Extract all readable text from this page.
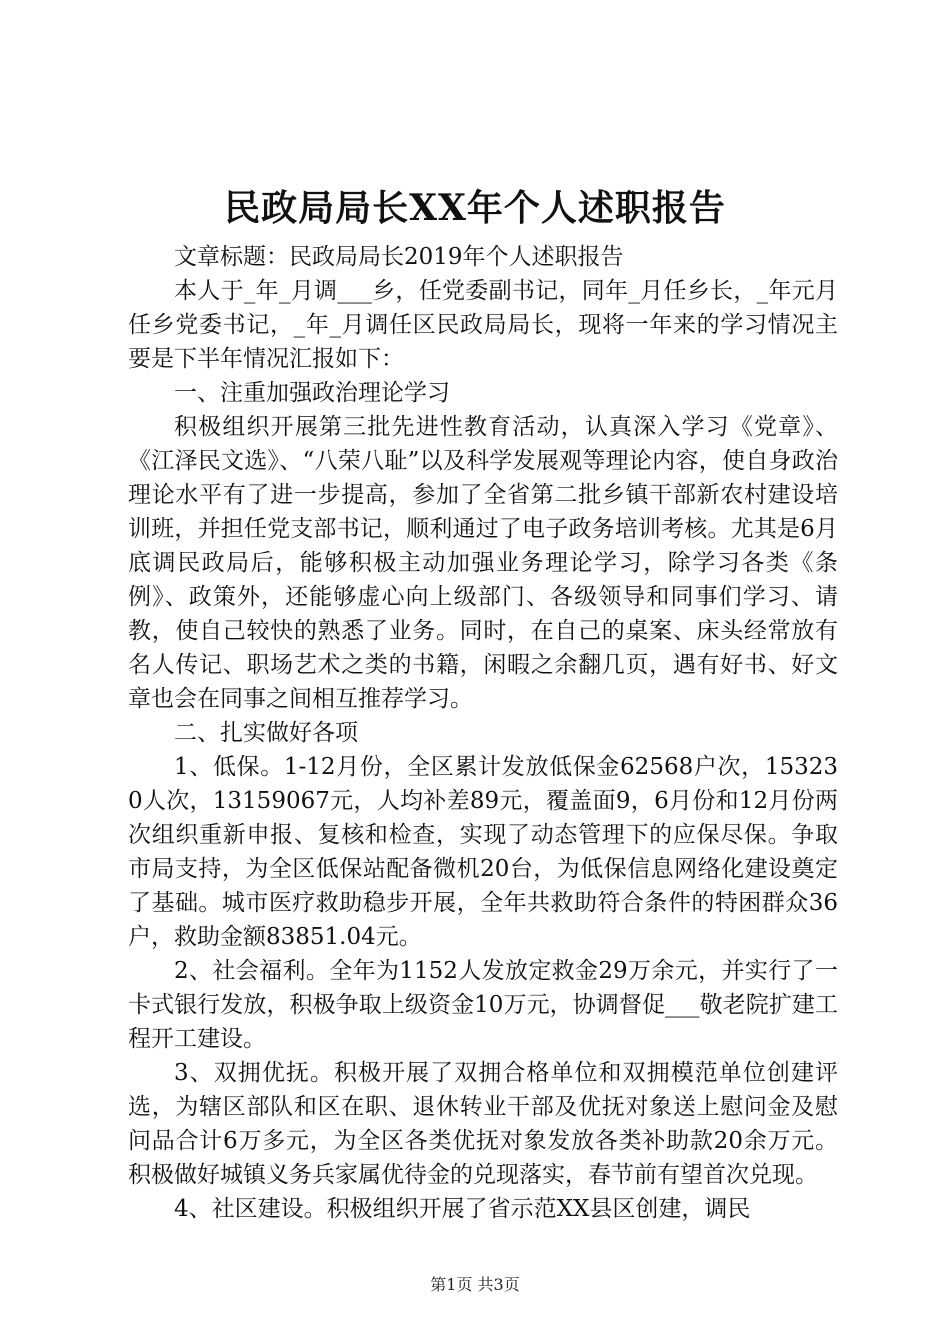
民政局局长XX年个人述职报告

文章标题：民政局局长2019年个人述职报告

本人于_年_月调___乡，任党委副书记，同年_月任乡长，_年元月任乡党委书记，_年_月调任区民政局局长，现将一年来的学习情况主要是下半年情况汇报如下：

一、注重加强政治理论学习

积极组织开展第三批先进性教育活动，认真深入学习《党章》、《江泽民文选》、“八荣八耻”以及科学发展观等理论内容，使自身政治理论水平有了进一步提高，参加了全省第二批乡镇干部新农村建设培训班，并担任党支部书记，顺利通过了电子政务培训考核。尤其是6月底调民政局后，能够积极主动加强业务理论学习，除学习各类《条例》、政策外，还能够虚心向上级部门、各级领导和同事们学习、请教，使自己较快的熟悉了业务。同时，在自己的桌案、床头经常放有名人传记、职场艺术之类的书籍，闲暇之余翻几页，遇有好书、好文章也会在同事之间相互推荐学习。

二、扎实做好各项

1、低保。1-12月份，全区累计发放低保金62568户次，153230人次，13159067元，人均补差89元，覆盖面9，6月份和12月份两次组织重新申报、复核和检查，实现了动态管理下的应保尽保。争取市局支持，为全区低保站配备微机20台，为低保信息网络化建设奠定了基础。城市医疗救助稳步开展，全年共救助符合条件的特困群众36户，救助金额83851.04元。

2、社会福利。全年为1152人发放定救金29万余元，并实行了一卡式银行发放，积极争取上级资金10万元，协调督促___敬老院扩建工程开工建设。

3、双拥优抚。积极开展了双拥合格单位和双拥模范单位创建评选，为辖区部队和区在职、退休转业干部及优抚对象送上慰问金及慰问品合计6万多元，为全区各类优抚对象发放各类补助款20余万元。积极做好城镇义务兵家属优待金的兑现落实，春节前有望首次兑现。

4、社区建设。积极组织开展了省示范XX县区创建，调民

第1页 共3页
